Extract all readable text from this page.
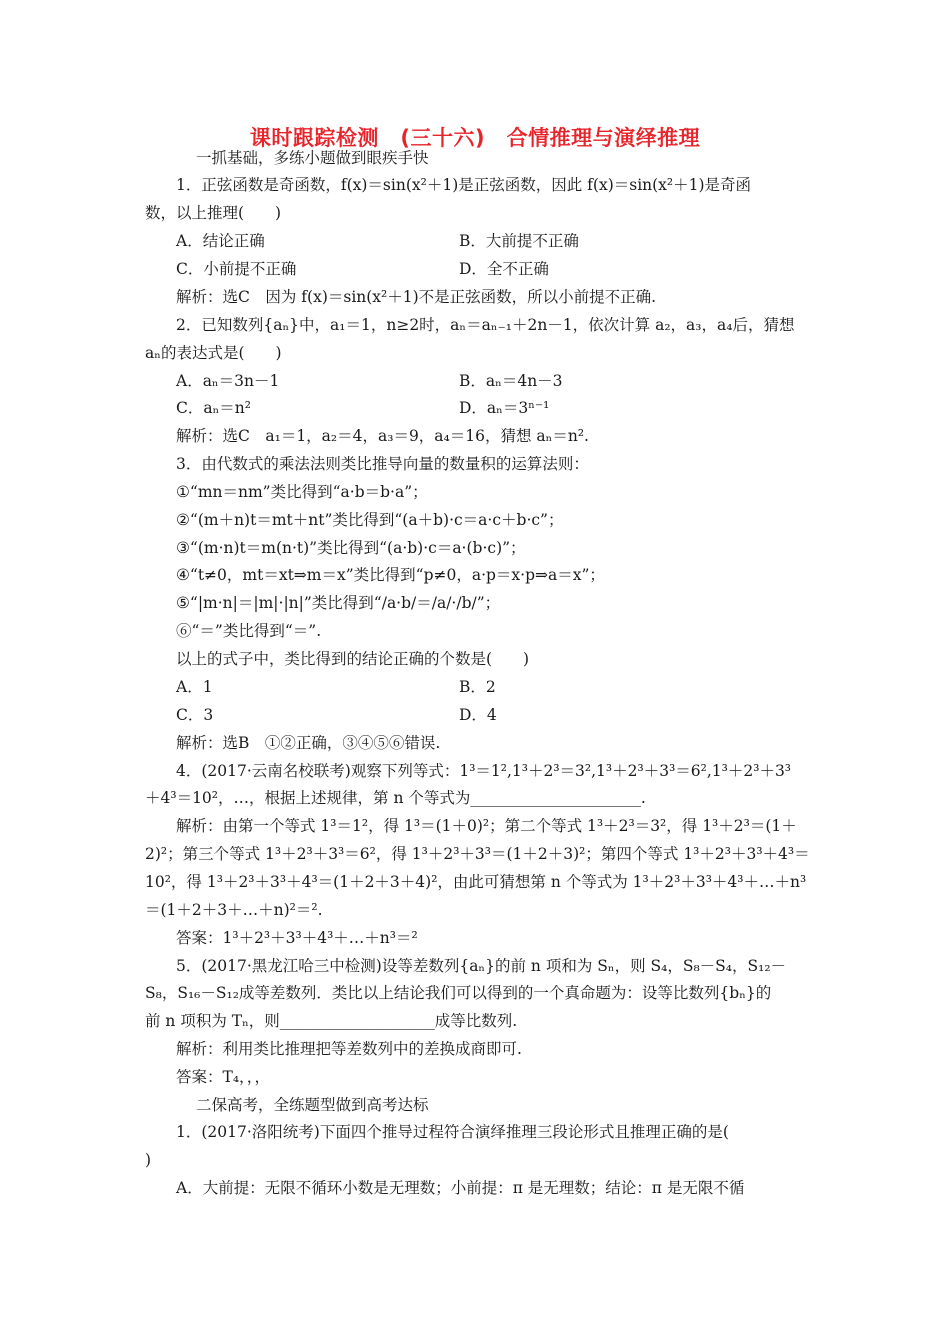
课时跟踪检测　(三十六)　合情推理与演绎推理
一抓基础，多练小题做到眼疾手快
1．正弦函数是奇函数，f(x)＝sin(x²＋1)是正弦函数，因此 f(x)＝sin(x²＋1)是奇函
数，以上推理(　　)
A．结论正确	B．大前提不正确
C．小前提不正确	D．全不正确
解析：选C　因为 f(x)＝sin(x²＋1)不是正弦函数，所以小前提不正确.
2．已知数列{aₙ}中，a₁＝1，n≥2时，aₙ＝aₙ₋₁＋2n－1，依次计算 a₂，a₃，a₄后，猜想
aₙ的表达式是(　　)
A．aₙ＝3n－1	B．aₙ＝4n－3
C．aₙ＝n²	D．aₙ＝3ⁿ⁻¹
解析：选C　a₁＝1，a₂＝4，a₃＝9，a₄＝16，猜想 aₙ＝n².
3．由代数式的乘法法则类比推导向量的数量积的运算法则：
①“mn＝nm”类比得到“a·b＝b·a”；
②“(m＋n)t＝mt＋nt”类比得到“(a＋b)·c＝a·c＋b·c”；
③“(m·n)t＝m(n·t)”类比得到“(a·b)·c＝a·(b·c)”；
④“t≠0，mt＝xt⇒m＝x”类比得到“p≠0，a·p＝x·p⇒a＝x”；
⑤“|m·n|＝|m|·|n|”类比得到“/a·b/＝/a/·/b/”；
⑥“＝”类比得到“＝”.
以上的式子中，类比得到的结论正确的个数是(　　)
A．1	B．2
C．3	D．4
解析：选B　①②正确，③④⑤⑥错误.
4．(2017·云南名校联考)观察下列等式：1³＝1²,1³＋2³＝3²,1³＋2³＋3³＝6²,1³＋2³＋3³
＋4³＝10²，…，根据上述规律，第 n 个等式为______________________.
解析：由第一个等式 1³＝1²，得 1³＝(1＋0)²；第二个等式 1³＋2³＝3²，得 1³＋2³＝(1＋
2)²；第三个等式 1³＋2³＋3³＝6²，得 1³＋2³＋3³＝(1＋2＋3)²；第四个等式 1³＋2³＋3³＋4³＝
10²，得 1³＋2³＋3³＋4³＝(1＋2＋3＋4)²，由此可猜想第 n 个等式为 1³＋2³＋3³＋4³＋…＋n³
＝(1＋2＋3＋…＋n)²＝².
答案：1³＋2³＋3³＋4³＋…＋n³＝²
5．(2017·黑龙江哈三中检测)设等差数列{aₙ}的前 n 项和为 Sₙ，则 S₄，S₈－S₄，S₁₂－
S₈，S₁₆－S₁₂成等差数列．类比以上结论我们可以得到的一个真命题为：设等比数列{bₙ}的
前 n 项积为 Tₙ，则____________________成等比数列.
解析：利用类比推理把等差数列中的差换成商即可.
答案：T₄，，，
二保高考，全练题型做到高考达标
1．(2017·洛阳统考)下面四个推导过程符合演绎推理三段论形式且推理正确的是(
)
A．大前提：无限不循环小数是无理数；小前提：π 是无理数；结论：π 是无限不循
